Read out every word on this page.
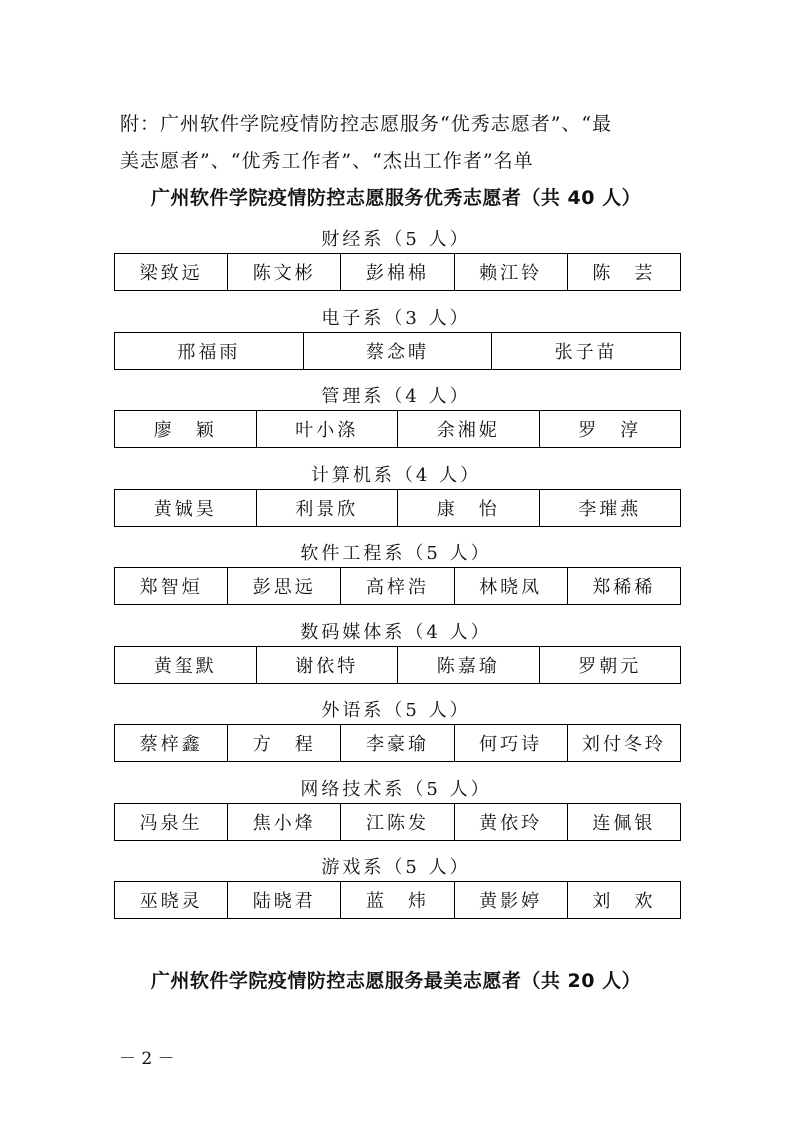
附：广州软件学院疫情防控志愿服务“优秀志愿者”、“最
美志愿者”、“优秀工作者”、“杰出工作者”名单
广州软件学院疫情防控志愿服务优秀志愿者（共 40 人）
财经系（5 人）
梁致远	陈文彬	彭棉棉	赖江铃	陈　芸
电子系（3 人）
邢福雨	蔡念晴	张子苗
管理系（4 人）
廖　颖	叶小涤	余湘妮	罗　淳
计算机系（4 人）
黄铖昊	利景欣	康　怡	李璀燕
软件工程系（5 人）
郑智烜	彭思远	高梓浩	林晓凤	郑稀稀
数码媒体系（4 人）
黄玺默	谢依特	陈嘉瑜	罗朝元
外语系（5 人）
蔡梓鑫	方　程	李豪瑜	何巧诗	刘付冬玲
网络技术系（5 人）
冯泉生	焦小烽	江陈发	黄依玲	连佩银
游戏系（5 人）
巫晓灵	陆晓君	蓝　炜	黄影婷	刘　欢
广州软件学院疫情防控志愿服务最美志愿者（共 20 人）
－ 2 －
